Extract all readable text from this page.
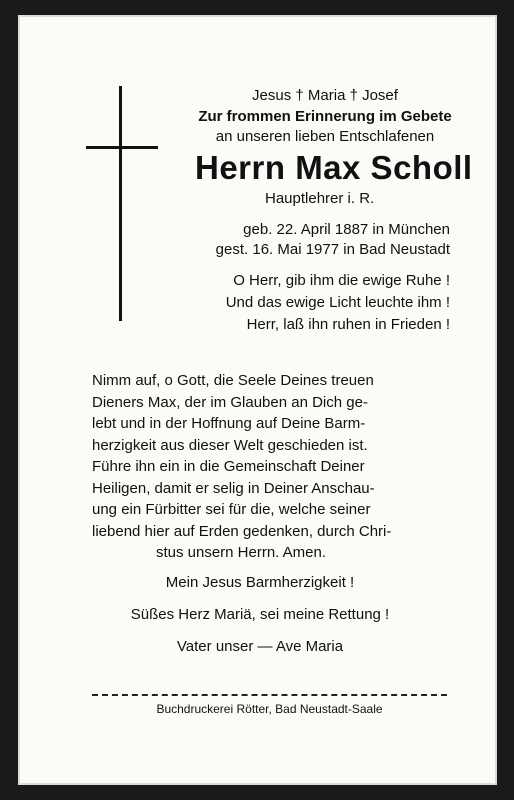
Jesus † Maria † Josef
Zur frommen Erinnerung im Gebete
an unseren lieben Entschlafenen
Herrn Max Scholl
Hauptlehrer i. R.
geb. 22. April 1887 in München
gest. 16. Mai 1977 in Bad Neustadt
O Herr, gib ihm die ewige Ruhe !
Und das ewige Licht leuchte ihm !
Herr, laß ihn ruhen in Frieden !
Nimm auf, o Gott, die Seele Deines treuen
Dieners Max, der im Glauben an Dich ge-
lebt und in der Hoffnung auf Deine Barm-
herzigkeit aus dieser Welt geschieden ist.
Führe ihn ein in die Gemeinschaft Deiner
Heiligen, damit er selig in Deiner Anschau-
ung ein Fürbitter sei für die, welche seiner
liebend hier auf Erden gedenken, durch Chri-
stus unsern Herrn. Amen.
Mein Jesus Barmherzigkeit !
Süßes Herz Mariä, sei meine Rettung !
Vater unser — Ave Maria
Buchdruckerei Rötter, Bad Neustadt-Saale
